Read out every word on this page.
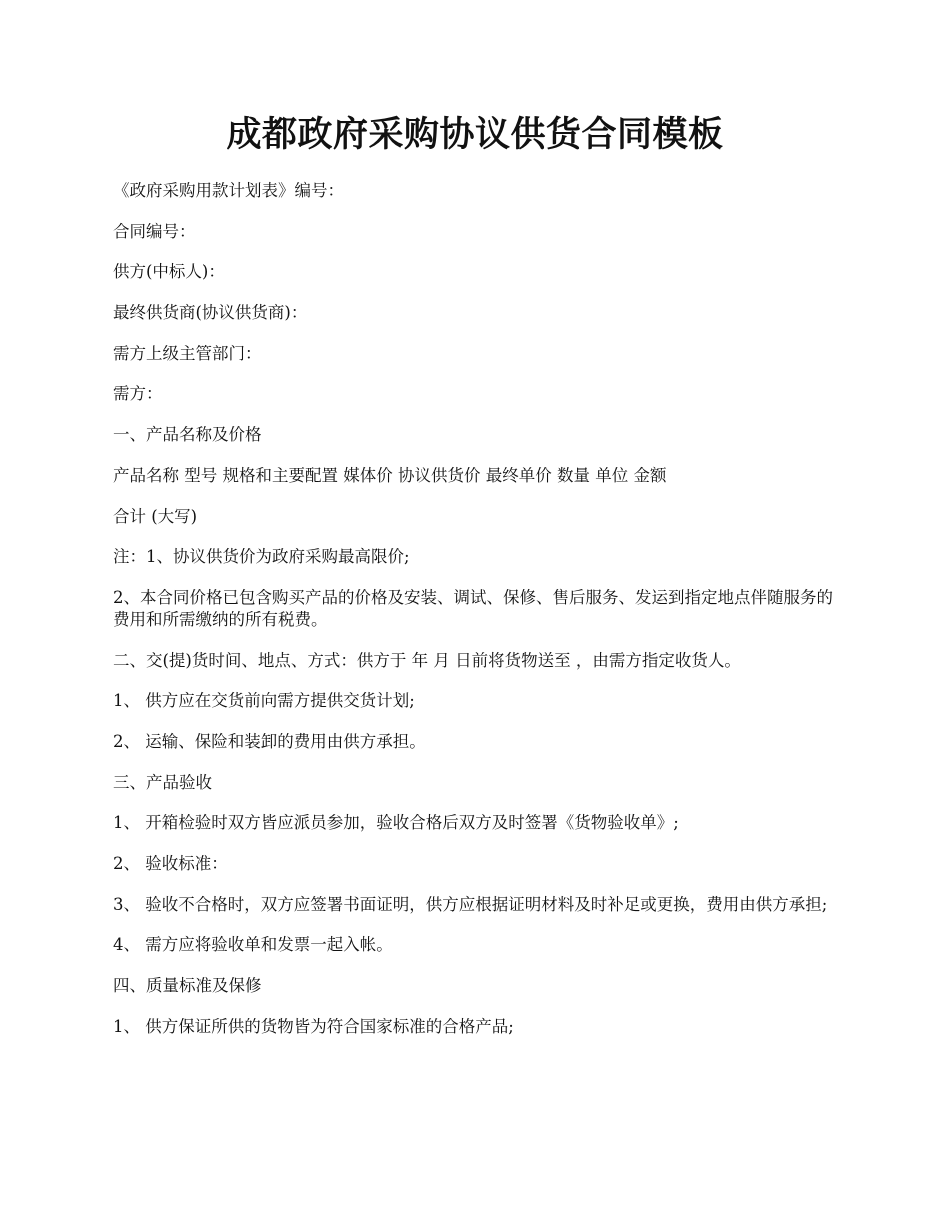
成都政府采购协议供货合同模板

《政府采购用款计划表》编号：

合同编号：

供方(中标人)：

最终供货商(协议供货商)：

需方上级主管部门：

需方：

一、产品名称及价格

产品名称 型号 规格和主要配置 媒体价 协议供货价 最终单价 数量 单位 金额

合计 (大写)

注：1、协议供货价为政府采购最高限价;

2、本合同价格已包含购买产品的价格及安装、调试、保修、售后服务、发运到指定地点伴随服务的费用和所需缴纳的所有税费。

二、交(提)货时间、地点、方式：供方于 年 月 日前将货物送至 ，由需方指定收货人。

1、 供方应在交货前向需方提供交货计划;

2、 运输、保险和装卸的费用由供方承担。

三、产品验收

1、 开箱检验时双方皆应派员参加，验收合格后双方及时签署《货物验收单》;

2、 验收标准：

3、 验收不合格时，双方应签署书面证明，供方应根据证明材料及时补足或更换，费用由供方承担;

4、 需方应将验收单和发票一起入帐。

四、质量标准及保修

1、 供方保证所供的货物皆为符合国家标准的合格产品;
